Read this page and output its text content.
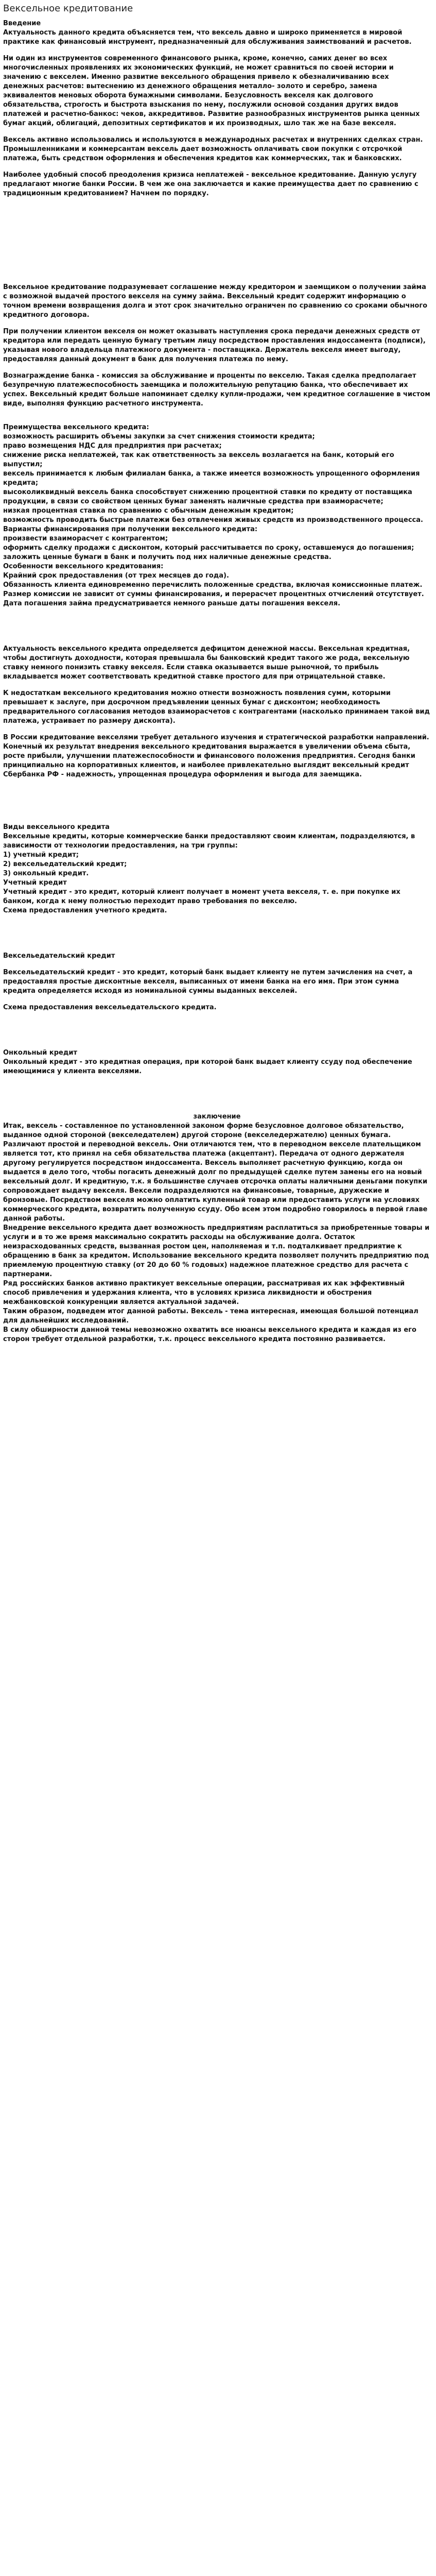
Вексельное кредитование
Введение

Актуальность данного кредита объясняется тем, что вексель давно и широко применяется в мировой практике как финансовый инструмент, предназначенный для обслуживания заимствований и расчетов.

Ни один из инструментов современного финансового рынка, кроме, конечно, самих денег во всех многочисленных проявлениях их экономических функций, не может сравниться по своей истории и значению с векселем. Именно развитие вексельного обращения привело к обезналичиванию всех денежных расчетов: вытеснению из денежного обращения металло- золото и серебро, замена эквивалентов меновых оборота бумажными символами. Безусловность векселя как долгового обязательства, строгость и быстрота взыскания по нему, послужили основой создания других видов платежей и расчетно-банкос: чеков, аккредитивов. Развитие разнообразных инструментов рынка ценных бумаг акций, облигаций, депозитных сертификатов и их производных, шло так же на базе векселя.

Вексель активно использовались и используются в международных расчетах и внутренних сделках стран. Промышленниками и коммерсантам вексель дает возможность оплачивать свои покупки с отсрочкой платежа, быть средством оформления и обеспечения кредитов как коммерческих, так и банковских.

Наиболее удобный способ преодоления кризиса неплатежей - вексельное кредитование. Данную услугу предлагают многие банки России. В чем же она заключается и какие преимущества дает по сравнению с традиционным кредитованием? Начнем по порядку.

Вексельное кредитование подразумевает соглашение между кредитором и заемщиком о получении займа с возможной выдачей простого векселя на сумму займа. Вексельный кредит содержит информацию о точном времени возвращения долга и этот срок значительно ограничен по сравнению со сроками обычного кредитного договора.

При получении клиентом векселя он может оказывать наступления срока передачи денежных средств от кредитора или передать ценную бумагу третьим лицу посредством проставления индоссамента (подписи), указывая нового владельца платежного документа - поставщика. Держатель векселя имеет выгоду, предоставляя данный документ в банк для получения платежа по нему.

Вознаграждение банка - комиссия за обслуживание и проценты по векселю. Такая сделка предполагает безупречную платежеспособность заемщика и положительную репутацию банка, что обеспечивает их успех. Вексельный кредит больше напоминает сделку купли-продажи, чем кредитное соглашение в чистом виде, выполняя функцию расчетного инструмента.

Преимущества вексельного кредита:
возможность расширить объемы закупки за счет снижения стоимости кредита;
право возмещения НДС для предприятия при расчетах;
снижение риска неплатежей, так как ответственность за вексель возлагается на банк, который его выпустил;
вексель принимается к любым филиалам банка, а также имеется возможность упрощенного оформления кредита;
высоколиквидный вексель банка способствует снижению процентной ставки по кредиту от поставщика продукции, в связи со свойством ценных бумаг заменять наличные средства при взаиморасчете;
низкая процентная ставка по сравнению с обычным денежным кредитом;
возможность проводить быстрые платежи без отвлечения живых средств из производственного процесса.
Варианты финансирования при получении вексельного кредита:
произвести взаиморасчет с контрагентом;
оформить сделку продажи с дисконтом, который рассчитывается по сроку, оставшемуся до погашения;
заложить ценные бумаги в банк и получить под них наличные денежные средства.
Особенности вексельного кредитования:
Крайний срок предоставления (от трех месяцев до года).
Обязанность клиента единовременно перечислить положенные средства, включая комиссионные платеж.
Размер комиссии не зависит от суммы финансирования, и перерасчет процентных отчислений отсутствует.
Дата погашения займа предусматривается немного раньше даты погашения векселя.

Актуальность вексельного кредита определяется дефицитом денежной массы. Вексельная кредитная, чтобы достигнуть доходности, которая превышала бы банковский кредит такого же рода, вексельную ставку немного понизить ставку векселя. Если ставка оказывается выше рыночной, то прибыль вкладывается может соответствовать кредитной ставке простого для при отрицательной ставке.

К недостаткам вексельного кредитования можно отнести возможность появления сумм, которыми превышает к заслуге, при досрочном предъявлении ценных бумаг с дисконтом; необходимость предварительного согласования методов взаиморасчетов с контрагентами (насколько принимаем такой вид платежа, устраивает по размеру дисконта).

В России кредитование векселями требует детального изучения и стратегической разработки направлений. Конечный их результат внедрения вексельного кредитования выражается в увеличении объема сбыта, росте прибыли, улучшении платежеспособности и финансового положения предприятия. Сегодня банки принципиально на корпоративных клиентов, и наиболее привлекательно выглядит вексельный кредит Сбербанка РФ - надежность, упрощенная процедура оформления и выгода для заемщика.

Виды вексельного кредита
Вексельные кредиты, которые коммерческие банки предоставляют своим клиентам, подразделяются, в зависимости от технологии предоставления, на три группы:
1) учетный кредит;
2) вексельедательский кредит;
3) онкольный кредит.
Учетный кредит
Учетный кредит - это кредит, который клиент получает в момент учета векселя, т. е. при покупке их банком, когда к нему полностью переходит право требования по векселю.
Схема предоставления учетного кредита.
Вексельедательский кредит
Вексельедательский кредит - это кредит, который банк выдает клиенту не путем зачисления на счет, а предоставляя простые дисконтные векселя, выписанных от имени банка на его имя. При этом сумма кредита определяется исходя из номинальной суммы выданных векселей.
Схема предоставления вексельедательского кредита.
Онкольный кредит
Онкольный кредит - это кредитная операция, при которой банк выдает клиенту ссуду под обеспечение имеющимися у клиента векселями.
заключение
Итак, вексель - составленное по установленной законом форме безусловное долговое обязательство, выданное одной стороной (векселедателем) другой стороне (векселедержателю) ценных бумага. Различают простой и переводной вексель. Они отличаются тем, что в переводном векселе плательщиком является тот, кто принял на себя обязательства платежа (акцептант). Передача от одного держателя другому регулируется посредством индоссамента. Вексель выполняет расчетную функцию, когда он выдается в дело того, чтобы погасить денежный долг по предыдущей сделке путем замены его на новый вексельный долг. И кредитную, т.к. я большинстве случаев отсрочка оплаты наличными деньгами покупки сопровождает выдачу векселя. Вексели подразделяются на финансовые, товарные, дружеские и бронзовые. Посредством векселя можно оплатить купленный товар или предоставить услуги на условиях коммерческого кредита, возвратить полученную ссуду. Обо всем этом подробно говорилось в первой главе данной работы.
Внедрение вексельного кредита дает возможность предприятиям расплатиться за приобретенные товары и услуги и в то же время максимально сократить расходы на обслуживание долга. Остаток неизрасходованных средств, вызванная ростом цен, наполняемая и т.п. подталкивает предприятие к обращению в банк за кредитом. Использование вексельного кредита позволяет получить предприятию под приемлемую процентную ставку (от 20 до 60 % годовых) надежное платежное средство для расчета с партнерами.
Ряд российских банков активно практикует вексельные операции, рассматривая их как эффективный способ привлечения и удержания клиента, что в условиях кризиса ликвидности и обострения межбанковской конкуренции является актуальной задачей.
Таким образом, подведем итог данной работы. Вексель - тема интересная, имеющая большой потенциал для дальнейших исследований.
В силу обширности данной темы невозможно охватить все нюансы вексельного кредита и каждая из его сторон требует отдельной разработки, т.к. процесс вексельного кредита постоянно развивается.
